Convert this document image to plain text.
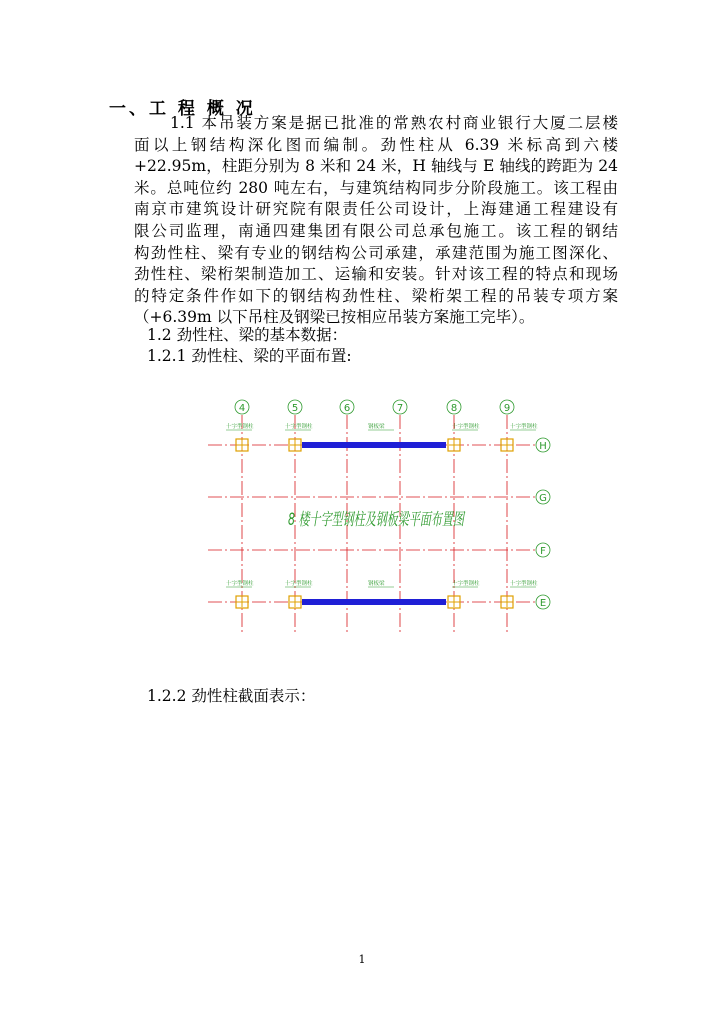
一、工 程 概 况
1.1 本吊装方案是据已批准的常熟农村商业银行大厦二层楼
面以上钢结构深化图而编制。劲性柱从 6.39 米标高到六楼
+22.95m，柱距分别为 8 米和 24 米，H 轴线与 E 轴线的跨距为 24
米。总吨位约 280 吨左右，与建筑结构同步分阶段施工。该工程由
南京市建筑设计研究院有限责任公司设计，上海建通工程建设有
限公司监理，南通四建集团有限公司总承包施工。该工程的钢结
构劲性柱、梁有专业的钢结构公司承建，承建范围为施工图深化、
劲性柱、梁桁架制造加工、运输和安装。针对该工程的特点和现场
的特定条件作如下的钢结构劲性柱、梁桁架工程的吊装专项方案
（+6.39m 以下吊柱及钢梁已按相应吊装方案施工完毕）。
1.2 劲性柱、梁的基本数据：
1.2.1 劲性柱、梁的平面布置:
8 楼十字型钢柱及钢板梁平面布置图
4	5	6	7	8	9
H
G
F
E
十字型钢柱	十字型钢柱	十字型钢柱	十字型钢柱
钢板梁
十字型钢柱	十字型钢柱	十字型钢柱	十字型钢柱
钢板梁
1.2.2 劲性柱截面表示：
1
